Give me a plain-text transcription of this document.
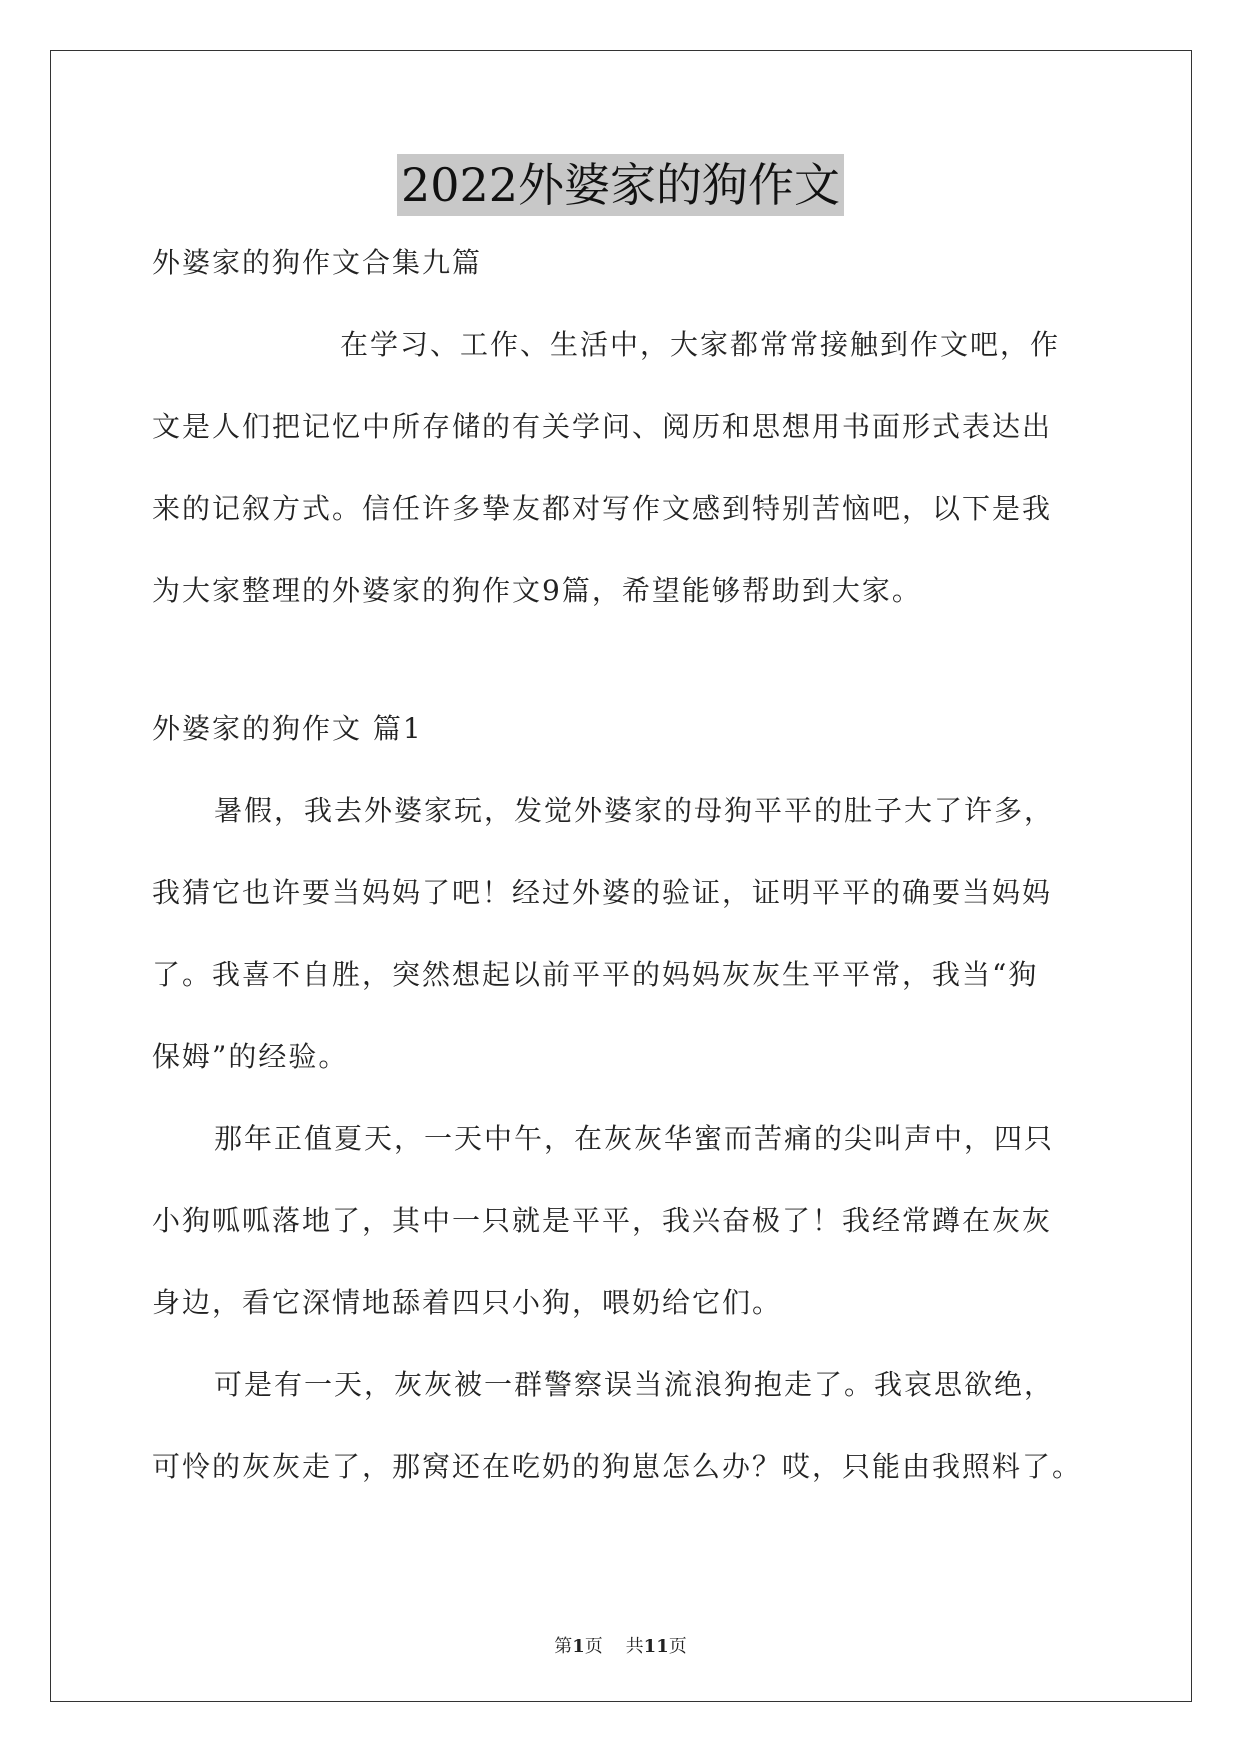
2022外婆家的狗作文
外婆家的狗作文合集九篇
在学习、工作、生活中，大家都常常接触到作文吧，作
文是人们把记忆中所存储的有关学问、阅历和思想用书面形式表达出
来的记叙方式。信任许多挚友都对写作文感到特别苦恼吧，以下是我
为大家整理的外婆家的狗作文9篇，希望能够帮助到大家。
外婆家的狗作文 篇1
暑假，我去外婆家玩，发觉外婆家的母狗平平的肚子大了许多，
我猜它也许要当妈妈了吧！经过外婆的验证，证明平平的确要当妈妈
了。我喜不自胜，突然想起以前平平的妈妈灰灰生平平常，我当“狗
保姆”的经验。
那年正值夏天，一天中午，在灰灰华蜜而苦痛的尖叫声中，四只
小狗呱呱落地了，其中一只就是平平，我兴奋极了！我经常蹲在灰灰
身边，看它深情地舔着四只小狗，喂奶给它们。
可是有一天，灰灰被一群警察误当流浪狗抱走了。我哀思欲绝，
可怜的灰灰走了，那窝还在吃奶的狗崽怎么办？哎，只能由我照料了。
第1页 共11页
